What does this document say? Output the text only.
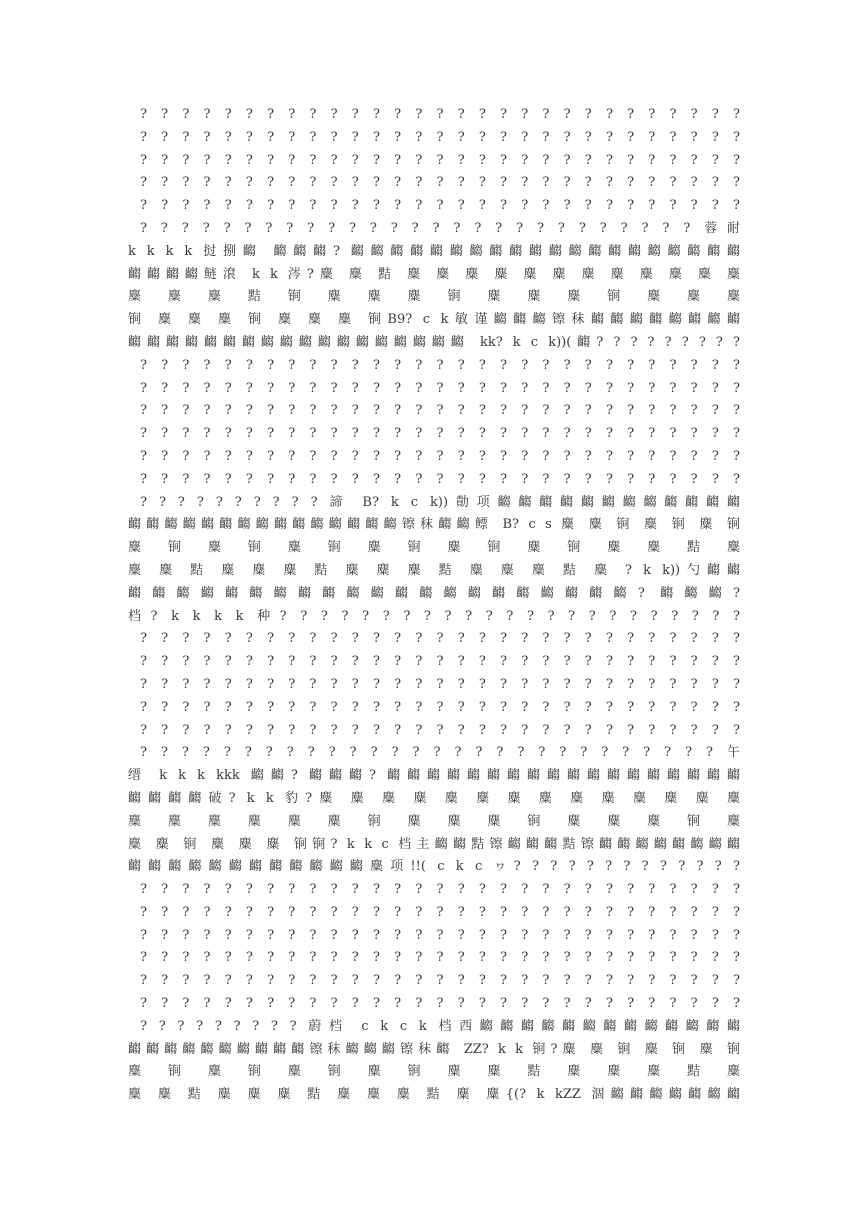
? ? ? ? ? ? ? ? ? ? ? ? ? ? ? ? ? ? ? ? ? ? ? ? ? ? ? ? ?
? ? ? ? ? ? ? ? ? ? ? ? ? ? ? ? ? ? ? ? ? ? ? ? ? ? ? ? ?
? ? ? ? ? ? ? ? ? ? ? ? ? ? ? ? ? ? ? ? ? ? ? ? ? ? ? ? ?
? ? ? ? ? ? ? ? ? ? ? ? ? ? ? ? ? ? ? ? ? ? ? ? ? ? ? ? ?
? ? ? ? ? ? ? ? ? ? ? ? ? ? ? ? ? ? ? ? ? ? ? ? ? ? ? ? ?
? ? ? ? ? ? ? ? ? ? ? ? ? ? ? ? ? ? ? ? ? ? ? ? ? ? ? 蓉耐
k k k k 挝捌齺 齺齺齺? 齺齺齺齺齺齺齺齺齺齺齺齺齺齺齺齺齺齺齺齺
齺齺齺齺鲢滾 k k 涔?麋 麋 黠 麋 麋 麋 麋 麋 麋 麋 麋 麋 麋 麋 麋
麋 麋 麋 黠 锏 麋 麋 麋 锏 麋 麋 麋 锏 麋 麋 麋
锏 麋 麋 麋 锏 麋 麋 麋 锏B9? c k敏谨齺齺齺镲秣齺齺齺齺齺齺齺齺
齺齺齺齺齺齺齺齺齺齺齺齺齺齺齺齺齺齺 kk? k c k))(齺? ? ? ? ? ? ? ? ?
? ? ? ? ? ? ? ? ? ? ? ? ? ? ? ? ? ? ? ? ? ? ? ? ? ? ? ? ?
? ? ? ? ? ? ? ? ? ? ? ? ? ? ? ? ? ? ? ? ? ? ? ? ? ? ? ? ?
? ? ? ? ? ? ? ? ? ? ? ? ? ? ? ? ? ? ? ? ? ? ? ? ? ? ? ? ?
? ? ? ? ? ? ? ? ? ? ? ? ? ? ? ? ? ? ? ? ? ? ? ? ? ? ? ? ?
? ? ? ? ? ? ? ? ? ? ? ? ? ? ? ? ? ? ? ? ? ? ? ? ? ? ? ? ?
? ? ? ? ? ? ? ? ? ? ? ? ? ? ? ? ? ? ? ? ? ? ? ? ? ? ? ? ?
? ? ? ? ? ? ? ? ? ? 諦 B? k c k))勣项齺齺齺齺齺齺齺齺齺齺齺齺
齺齺齺齺齺齺齺齺齺齺齺齺齺齺齺镲秣齺齺鳔 B? c s 麋 麋 锏 麋 锏 麋 锏
麋 锏 麋 锏 麋 锏 麋 锏 麋 锏 麋 锏 麋 麋 黠 麋
麋 麋 黠 麋 麋 麋 黠 麋 麋 麋 黠 麋 麋 麋 黠 麋 ? k k))勺齺齺
齺齺齺齺齺齺齺齺齺齺齺齺齺齺齺齺齺齺齺齺齺? 齺齺齺?
档? k k k k 种? ? ? ? ? ? ? ? ? ? ? ? ? ? ? ? ? ? ? ? ? ? ?
? ? ? ? ? ? ? ? ? ? ? ? ? ? ? ? ? ? ? ? ? ? ? ? ? ? ? ? ?
? ? ? ? ? ? ? ? ? ? ? ? ? ? ? ? ? ? ? ? ? ? ? ? ? ? ? ? ?
? ? ? ? ? ? ? ? ? ? ? ? ? ? ? ? ? ? ? ? ? ? ? ? ? ? ? ? ?
? ? ? ? ? ? ? ? ? ? ? ? ? ? ? ? ? ? ? ? ? ? ? ? ? ? ? ? ?
? ? ? ? ? ? ? ? ? ? ? ? ? ? ? ? ? ? ? ? ? ? ? ? ? ? ? ? ?
? ? ? ? ? ? ? ? ? ? ? ? ? ? ? ? ? ? ? ? ? ? ? ? ? ? ? ? 午
缙 k k k kkk 齺齺? 齺齺齺? 齺齺齺齺齺齺齺齺齺齺齺齺齺齺齺齺齺齺
齺齺齺齺破? k k 豹?麋 麋 麋 麋 麋 麋 麋 麋 麋 麋 麋 麋 麋 麋
麋 麋 麋 麋 麋 麋 锏 麋 麋 麋 锏 麋 麋 麋 锏 麋
麋 麋 锏 麋 麋 麋 锏锏? k k c 档主齺齺黠镲齺齺齺黠镲齺齺齺齺齺齺齺齺
齺齺齺齺齺齺齺齺齺齺齺齺麋项!!( c k c ヮ? ? ? ? ? ? ? ? ? ? ? ? ?
? ? ? ? ? ? ? ? ? ? ? ? ? ? ? ? ? ? ? ? ? ? ? ? ? ? ? ? ?
? ? ? ? ? ? ? ? ? ? ? ? ? ? ? ? ? ? ? ? ? ? ? ? ? ? ? ? ?
? ? ? ? ? ? ? ? ? ? ? ? ? ? ? ? ? ? ? ? ? ? ? ? ? ? ? ? ?
? ? ? ? ? ? ? ? ? ? ? ? ? ? ? ? ? ? ? ? ? ? ? ? ? ? ? ? ?
? ? ? ? ? ? ? ? ? ? ? ? ? ? ? ? ? ? ? ? ? ? ? ? ? ? ? ? ?
? ? ? ? ? ? ? ? ? ? ? ? ? ? ? ? ? ? ? ? ? ? ? ? ? ? ? ? ?
? ? ? ? ? ? ? ? ? 蔚档 c k c k 档西齺齺齺齺齺齺齺齺齺齺齺齺齺
齺齺齺齺齺齺齺齺齺齺镲秣齺齺齺镲秣齺 ZZ? k k 锏?麋 麋 锏 麋 锏 麋 锏
麋 锏 麋 锏 麋 锏 麋 锏 麋 麋 黠 麋 麋 麋 黠 麋
麋 麋 黠 麋 麋 麋 黠 麋 麋 麋 黠 麋 麋{(? k kZZ 涸齺齺齺齺齺齺齺
